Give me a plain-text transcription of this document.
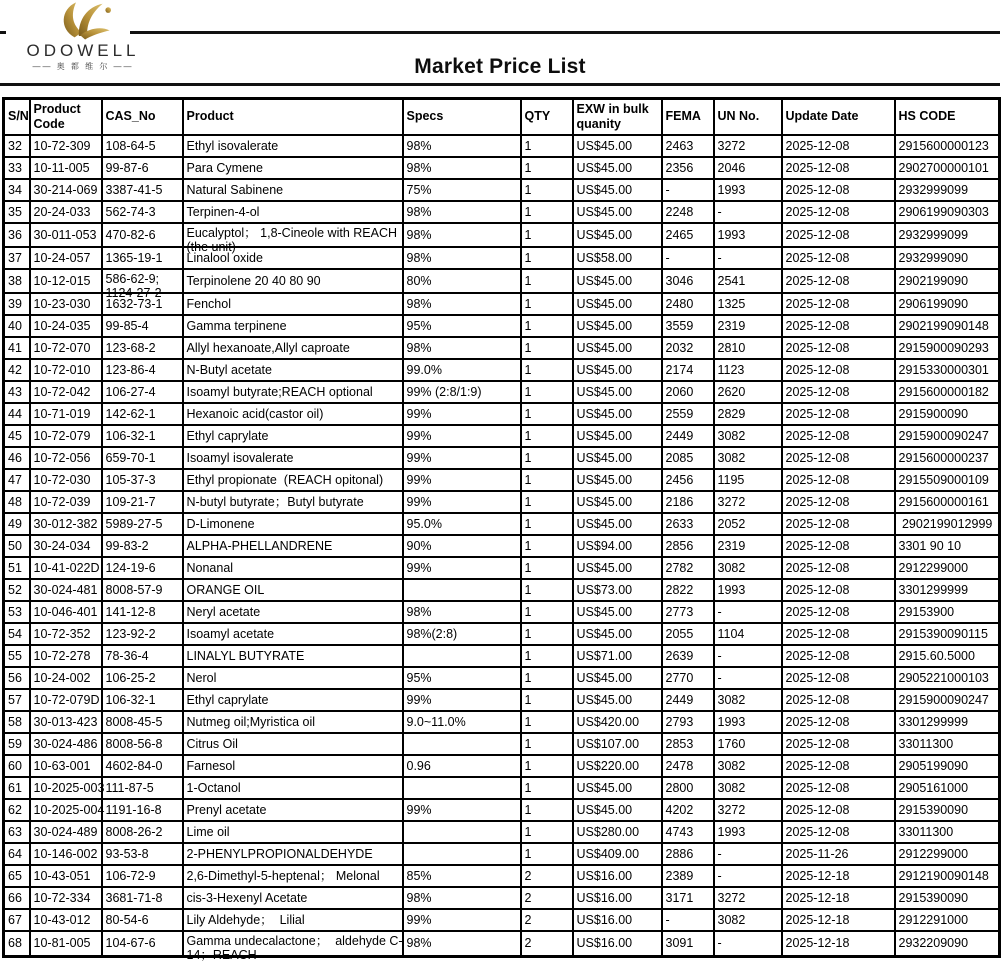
ODOWELL
—— 奥 都 维 尔 ——	Market Price List
S/N	Product Code	CAS_No	Product	Specs	QTY	EXW in bulk quanity	FEMA	UN No.	Update Date	HS CODE
32	10-72-309	108-64-5	Ethyl isovalerate	98%	1	US$45.00	2463	3272	2025-12-08	2915600000123
33	10-11-005	99-87-6	Para Cymene	98%	1	US$45.00	2356	2046	2025-12-08	2902700000101
34	30-214-069	3387-41-5	Natural Sabinene	75%	1	US$45.00	-	1993	2025-12-08	2932999099
35	20-24-033	562-74-3	Terpinen-4-ol	98%	1	US$45.00	2248	-	2025-12-08	2906199090303
36	30-011-053	470-82-6	Eucalyptol； 1,8-Cineole with REACH
(the unit)	98%	1	US$45.00	2465	1993	2025-12-08	2932999099
37	10-24-057	1365-19-1	Linalool oxide	98%	1	US$58.00	-	-	2025-12-08	2932999090
38	10-12-015	586-62-9;
1124-27-2	Terpinolene 20 40 80 90	80%	1	US$45.00	3046	2541	2025-12-08	2902199090
39	10-23-030	1632-73-1	Fenchol	98%	1	US$45.00	2480	1325	2025-12-08	2906199090
40	10-24-035	99-85-4	Gamma terpinene	95%	1	US$45.00	3559	2319	2025-12-08	2902199090148
41	10-72-070	123-68-2	Allyl hexanoate,Allyl caproate	98%	1	US$45.00	2032	2810	2025-12-08	2915900090293
42	10-72-010	123-86-4	N-Butyl acetate	99.0%	1	US$45.00	2174	1123	2025-12-08	2915330000301
43	10-72-042	106-27-4	Isoamyl butyrate;REACH optional	99% (2:8/1:9)	1	US$45.00	2060	2620	2025-12-08	2915600000182
44	10-71-019	142-62-1	Hexanoic acid(castor oil)	99%	1	US$45.00	2559	2829	2025-12-08	2915900090
45	10-72-079	106-32-1	Ethyl caprylate	99%	1	US$45.00	2449	3082	2025-12-08	2915900090247
46	10-72-056	659-70-1	Isoamyl isovalerate	99%	1	US$45.00	2085	3082	2025-12-08	2915600000237
47	10-72-030	105-37-3	Ethyl propionate  (REACH opitonal)	99%	1	US$45.00	2456	1195	2025-12-08	2915509000109
48	10-72-039	109-21-7	N-butyl butyrate；Butyl butyrate	99%	1	US$45.00	2186	3272	2025-12-08	2915600000161
49	30-012-382	5989-27-5	D-Limonene	95.0%	1	US$45.00	2633	2052	2025-12-08	2902199012999
50	30-24-034	99-83-2	ALPHA-PHELLANDRENE	90%	1	US$94.00	2856	2319	2025-12-08	3301 90 10
51	10-41-022D	124-19-6	Nonanal	99%	1	US$45.00	2782	3082	2025-12-08	2912299000
52	30-024-481	8008-57-9	ORANGE OIL		1	US$73.00	2822	1993	2025-12-08	3301299999
53	10-046-401	141-12-8	Neryl acetate	98%	1	US$45.00	2773	-	2025-12-08	29153900
54	10-72-352	123-92-2	Isoamyl acetate	98%(2:8)	1	US$45.00	2055	1104	2025-12-08	2915390090115
55	10-72-278	78-36-4	LINALYL BUTYRATE		1	US$71.00	2639	-	2025-12-08	2915.60.5000
56	10-24-002	106-25-2	Nerol	95%	1	US$45.00	2770	-	2025-12-08	2905221000103
57	10-72-079D	106-32-1	Ethyl caprylate	99%	1	US$45.00	2449	3082	2025-12-08	2915900090247
58	30-013-423	8008-45-5	Nutmeg oil;Myristica oil	9.0~11.0%	1	US$420.00	2793	1993	2025-12-08	3301299999
59	30-024-486	8008-56-8	Citrus Oil		1	US$107.00	2853	1760	2025-12-08	33011300
60	10-63-001	4602-84-0	Farnesol	0.96	1	US$220.00	2478	3082	2025-12-08	2905199090
61	10-2025-003	111-87-5	1-Octanol		1	US$45.00	2800	3082	2025-12-08	2905161000
62	10-2025-004	1191-16-8	Prenyl acetate	99%	1	US$45.00	4202	3272	2025-12-08	2915390090
63	30-024-489	8008-26-2	Lime oil		1	US$280.00	4743	1993	2025-12-08	33011300
64	10-146-002	93-53-8	2-PHENYLPROPIONALDEHYDE		1	US$409.00	2886	-	2025-11-26	2912299000
65	10-43-051	106-72-9	2,6-Dimethyl-5-heptenal； Melonal	85%	2	US$16.00	2389	-	2025-12-18	2912190090148
66	10-72-334	3681-71-8	cis-3-Hexenyl Acetate	98%	2	US$16.00	3171	3272	2025-12-18	2915390090
67	10-43-012	80-54-6	Lily Aldehyde；  Lilial	99%	2	US$16.00	-	3082	2025-12-18	2912291000
68	10-81-005	104-67-6	Gamma undecalactone；  aldehyde C-
14；REACH	98%	2	US$16.00	3091	-	2025-12-18	2932209090
